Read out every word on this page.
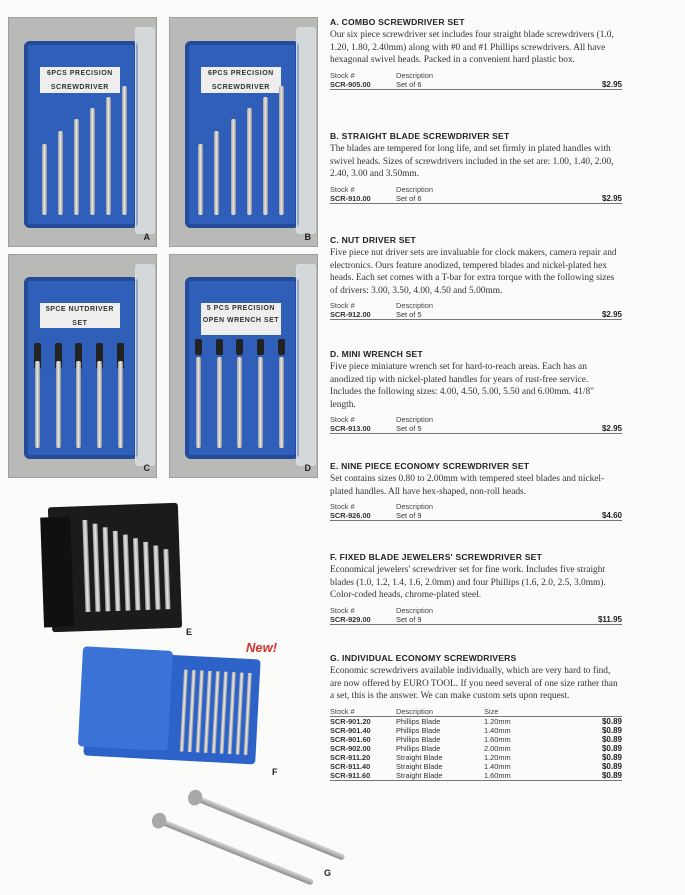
6PCS PRECISION SCREWDRIVER
A
6PCS PRECISION SCREWDRIVER
B
5PCE NUTDRIVER SET
C
5 PCS PRECISION OPEN WRENCH SET
D
E
New!
F
G
A. COMBO SCREWDRIVER SET

Our six piece screwdriver set includes four straight blade screwdrivers (1.0, 1.20, 1.80, 2.40mm) along with #0 and #1 Phillips screwdrivers. All have hexagonal swivel heads. Packed in a convenient hard plastic box.

Stock #	Description
SCR-905.00	Set of 6	$2.95
B. STRAIGHT BLADE SCREWDRIVER SET

The blades are tempered for long life, and set firmly in plated handles with swivel heads. Sizes of screwdrivers included in the set are: 1.00, 1.40, 2.00, 2.40, 3.00 and 3.50mm.

Stock #	Description
SCR-910.00	Set of 6	$2.95
C. NUT DRIVER SET

Five piece nut driver sets are invaluable for clock makers, camera repair and electronics. Ours feature anodized, tempered blades and nickel-plated hex heads. Each set comes with a T-bar for extra torque with the following sizes of drivers: 3.00, 3.50, 4.00, 4.50 and 5.00mm.

Stock #	Description
SCR-912.00	Set of 5	$2.95
D. MINI WRENCH SET

Five piece miniature wrench set for hard-to-reach areas. Each has an anodized tip with nickel-plated handles for years of rust-free service. Includes the following sizes: 4.00, 4.50, 5.00, 5.50 and 6.00mm. 41/8" length.

Stock #	Description
SCR-913.00	Set of 5	$2.95
E. NINE PIECE ECONOMY SCREWDRIVER SET

Set contains sizes 0.80 to 2.00mm with tempered steel blades and nickel-plated handles. All have hex-shaped, non-roll heads.

Stock #	Description
SCR-926.00	Set of 9	$4.60
F. FIXED BLADE JEWELERS' SCREWDRIVER SET

Economical jewelers' screwdriver set for fine work. Includes five straight blades (1.0, 1.2, 1.4, 1.6, 2.0mm) and four Phillips (1.6, 2.0, 2.5, 3.0mm). Color-coded heads, chrome-plated steel.

Stock #	Description
SCR-929.00	Set of 9	$11.95
G. INDIVIDUAL ECONOMY SCREWDRIVERS

Economic screwdrivers available individually, which are very hard to find, are now offered by EURO TOOL. If you need several of one size rather than a set, this is the answer. We can make custom sets upon request.

Stock #	Description	Size
SCR-901.20	Phillips Blade	1.20mm	$0.89
SCR-901.40	Phillips Blade	1.40mm	$0.89
SCR-901.60	Phillips Blade	1.60mm	$0.89
SCR-902.00	Phillips Blade	2.00mm	$0.89
SCR-911.20	Straight Blade	1.20mm	$0.89
SCR-911.40	Straight Blade	1.40mm	$0.89
SCR-911.60	Straight Blade	1.60mm	$0.89
